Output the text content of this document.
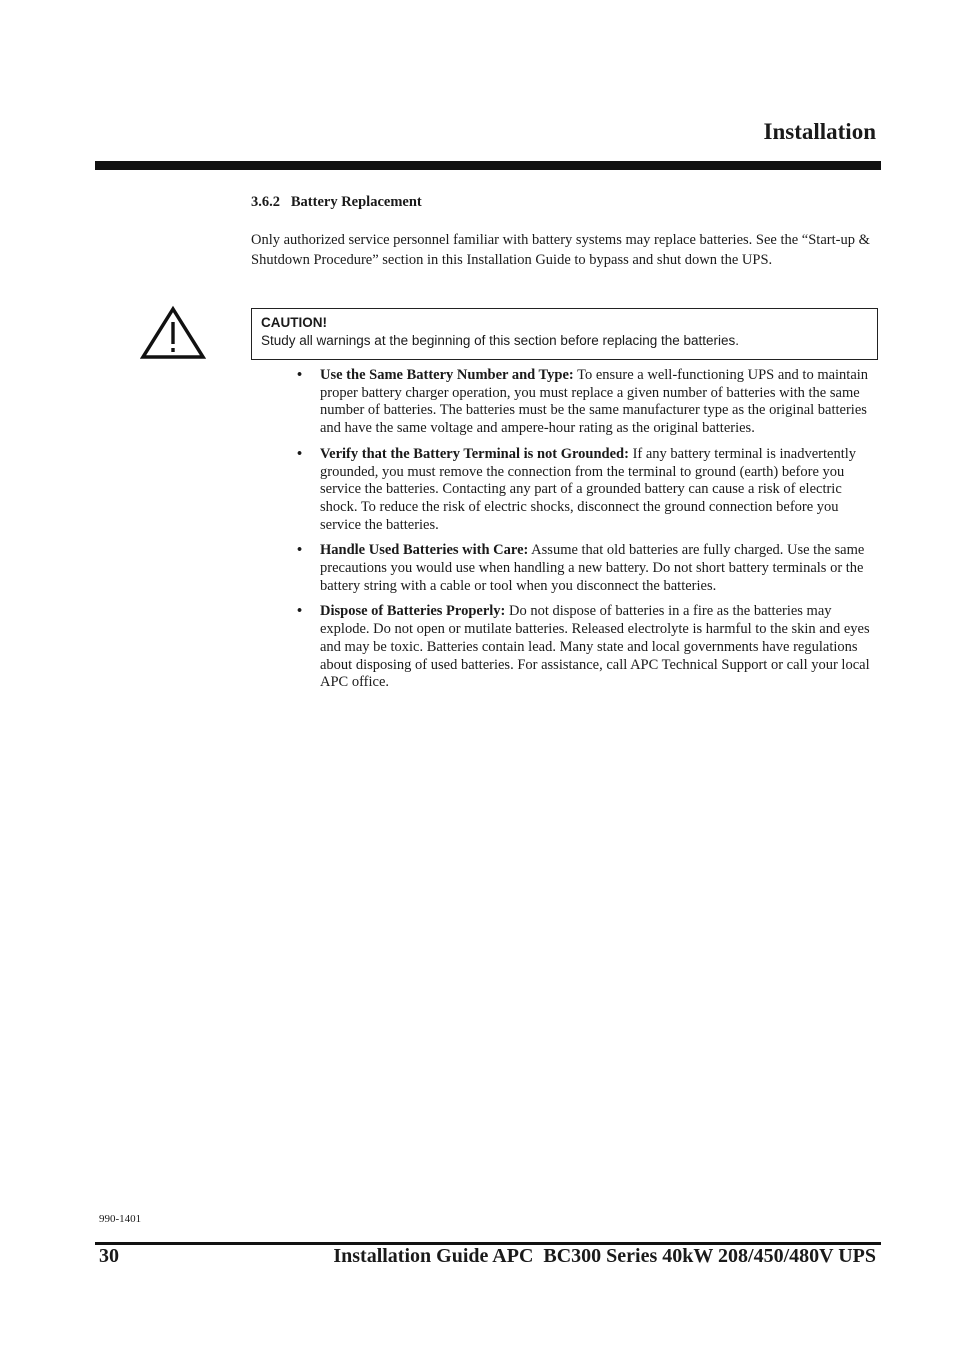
Installation
3.6.2   Battery Replacement

Only authorized service personnel familiar with battery systems may replace batteries. See the “Start-up & Shutdown Procedure” section in this Installation Guide to bypass and shut down the UPS.

CAUTION!
Study all warnings at the beginning of this section before replacing the batteries.
• Use the Same Battery Number and Type: To ensure a well-functioning UPS and to maintain proper battery charger operation, you must replace a given number of batteries with the same number of batteries. The batteries must be the same manufacturer type as the original batteries and have the same voltage and ampere-hour rating as the original batteries.
• Verify that the Battery Terminal is not Grounded: If any battery terminal is inadvertently grounded, you must remove the connection from the terminal to ground (earth) before you service the batteries. Contacting any part of a grounded battery can cause a risk of electric shock. To reduce the risk of electric shocks, disconnect the ground connection before you service the batteries.
• Handle Used Batteries with Care: Assume that old batteries are fully charged. Use the same precautions you would use when handling a new battery. Do not short battery terminals or the battery string with a cable or tool when you disconnect the batteries.
• Dispose of Batteries Properly: Do not dispose of batteries in a fire as the batteries may explode. Do not open or mutilate batteries. Released electrolyte is harmful to the skin and eyes and may be toxic. Batteries contain lead. Many state and local governments have regulations about disposing of used batteries. For assistance, call APC Technical Support or call your local APC office.
990-1401
30	Installation Guide APC  BC300 Series 40kW 208/450/480V UPS
